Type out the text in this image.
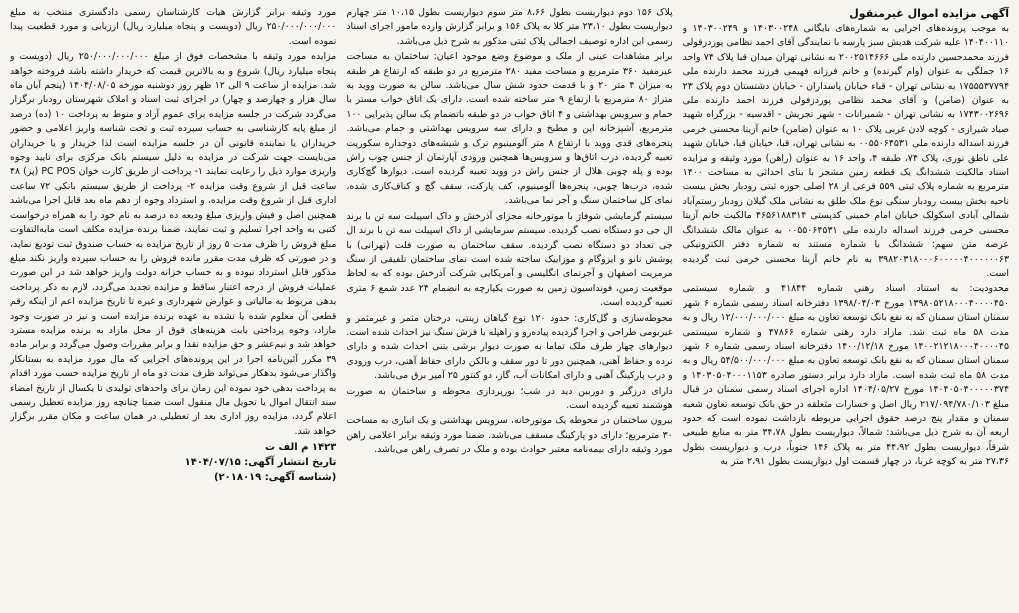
آگهی مزایده اموال غیرمنقول

به موجب پرونده‌های اجرایی به شماره‌های بایگانی ۱۴۰۳۰۰۲۴۸ و ۱۴۰۳۰۰۲۴۹ و ۱۴۰۴۰۰۱۱۰ علیه شرکت هدیش سبز پارسه با نمایندگی آقای احمد نظامی پوردزفولی فرزند محمدحسین دارنده ملی ۲۰۰۲۵۱۴۶۶۶ به نشانی تهران میدان قبا پلاک ۷۴ واحد ۱۶ جملگی به عنوان (وام گیرنده) و خانم فرزانه فهیمی فرزند محمد دارنده ملی ۱۷۵۵۵۳۷۷۹۴ به نشانی تهران - قباء خیابان پاسداران - خیابان دشتستان دوم پلاک ۲۳ به عنوان (ضامن) و آقای محمد نظامی پوردزفولی فرزند احمد دارنده ملی ۱۷۴۳۰۰۲۶۹۶ به نشانی تهران - شمیرانات - شهر تجریش - اقدسیه - بزرگراه شهید صیاد شیرازی - کوچه لادن غربی پلاک ۱۰ به عنوان (ضامن) خانم آزیتا محسنی خرمی فرزند اسداله دارنده ملی ۰۰۵۵۰۶۴۵۳۱ به نشانی تهران، قبا، خیابان قبا، خیابان شهید علی ناطق نوری، پلاک ۷۴، طبقه ۴، واحد ۱۶ به عنوان (راهن) مورد وثیقه و مزایده اسناد مالکیت ششدانگ یک قطعه زمین مشجر با بنای احداثی به مساحت ۱۴۰۰ مترمربع به شماره پلاک ثبتی ۵۵۹ فرعی از ۲۸ اصلی حوزه ثبتی رودبار بخش بیست ناحیه بخش بیست رودبار سنگی نوع ملک طلق به نشانی ملک گیلان رودبار رستم‌آباد شمالی آبادی اسکولک خیابان امام خمینی کدپستی ۴۶۵۶۱۸۸۳۱۴ مالکیت خانم آزیتا محسنی خرمی فرزند اسداله دارنده ملی ۰۰۵۵۰۶۴۵۳۱ به عنوان مالک ششدانگ عرصه متن سهم: ششدانگ با شماره مستند به شماره دفتر الکترونیکی ۳۹۸۲۰۳۱۸۰۰۰۶۰۰۰۰۰۴۰۰۰۰۰۰۶۳ به نام خانم آزیتا محسنی خرمی ثبت گردیده است.

محدودیت: به استناد اسناد رهنی شماره ۴۱۸۴۴ و شماره سیستمی ۱۳۹۸۰۵۲۱۸۰۰۰۴۰۰۰۰۴۵۰ مورخ ۱۳۹۸/۰۴/۰۳ دفترخانه اسناد رسمی شماره ۶ شهر سمنان استان سمنان که به نفع بانک توسعه تعاون به مبلغ ۱۲/۰۰۰/۰۰۰/۰۰۰ ریال و به مدت ۵۸ ماه ثبت شد. مازاد دارد رهنی شماره ۴۷۸۶۶ و شماره سیستمی ۱۴۰۰۲۱۲۱۸۰۰۰۴۰۰۰۰۴۵ مورخ ۱۴۰۰/۱۲/۱۸ دفترخانه اسناد رسمی شماره ۶ شهر سمنان استان سمنان که به نفع بانک توسعه تعاون به مبلغ ۵۴/۵۰۰/۰۰۰/۰۰۰ ریال و به مدت ۵۸ ماه ثبت شده است. مازاد دارد برابر دستور صادره ۱۴۰۳۰۵۰۴۰۰۰۱۱۵۳ و ۱۴۰۴۰۵۰۴۰۰۰۰۰۳۷۴ مورخ ۱۴۰۴/۰۵/۲۷ اداره اجرای اسناد رسمی سمنان در قبال مبلغ ۲۱۷/۰۹۴/۷۸۰/۱۰۳ ریال اصل و خسارات متعلقه در حق بانک توسعه تعاون شعبه سمنان و مقدار پنج درصد حقوق اجرایی مربوطه بازداشت نموده است که حدود اربعه آن به شرح ذیل می‌باشد: شمالاً، دیواریست بطول ۳۴،۷۸ متر به منابع طبیعی شرقاً، دیواریست بطول ۴۴،۹۲ متر به پلاک ۱۴۶ جنوباً، درب و دیواریست بطول ۲۷،۳۶ متر به کوچه غربا، در چهار قسمت اول دیواریست بطول ۲،۹۱ متر به

پلاک ۱۵۶ دوم دیواریست بطول ۸،۶۶ متر سوم دیواریست بطول ۱۰،۱۵ متر چهارم دیواریست بطول ۲۳،۱۰ متر کلا به پلاک ۱۵۶ و برابر گزارش وارده مامور اجرای اسناد رسمی این اداره توصیف اجمالی پلاک ثبتی مذکور به شرح ذیل می‌باشد.

برابر مشاهدات عینی از ملک و موضوع وضع موجود اعیان: ساختمان به مساحت عیرمفید ۳۶۰ مترمربع و مساحت مفید ۲۸۰ مترمربع در دو طبقه که ارتفاع هر طبقه به میزان ۴ متر ۲۰ و با قدمت حدود شش سال می‌باشد. سالن به صورت ووید به متراژ ۸۰ مترمربع با ارتفاع ۹ متر ساخته شده است. دارای یک اتاق خواب مستر با حمام و سرویس بهداشتی و ۴ اتاق خواب در دو طبقه باتضمام یک سالن پذیرایی ۱۰۰ مترمربع، آشپزخانه اپن و مطبخ و دارای سه سرویس بهداشتی و حمام می‌باشد. پنجره‌های قدی ووید با ارتفاع ۸ متر آلومینیوم ترک و شیشه‌های دوجداره سکوریت تعبیه گردیده، درب اتاق‌ها و سرویس‌ها همچنین ورودی آپارتمان از جنس چوب راش بوده و پله چوبی هلال از جنس راش در ووید تعبیه گردیده است. دیوارها گچ‌کاری شده، درب‌ها چوبی، پنجره‌ها آلومینیوم، کف پارکت، سقف گچ و کناف‌کاری شده، نمای کل ساختمان سنگ و آجر نما می‌باشد.

سیستم گرمایشی شوفاژ با موتورخانه مجزای آذرخش و داک اسپیلت سه تن با برند ال جی دو دستگاه نصب گردیده. سیستم سرمایشی از داک اسپیلت سه تن با برند ال جی تعداد دو دستگاه نصب گردیده. سقف ساختمان به صورت فلت (تهرانی) با پوشش نانو و ایزوگام و موزاییک ساخته شده است نمای ساختمان تلفیقی از سنگ مرمریت اصفهان و آجرنمای انگلیسی و آمریکایی شرکت آذرخش بوده که به لحاظ موقعیت زمین، فونداسیون زمین به صورت یکپارچه به انضمام ۲۴ عدد شمع ۶ متری تعبیه گردیده است.

محوطه‌سازی و گل‌کاری: حدود ۱۲۰ نوع گیاهان زینتی، درختان مثمر و غیرمثمر و غیربومی طراحی و اجرا گردیده پیاده‌رو و راهپله با فرش سنگ نیز احداث شده است. دیوارهای چهار طرف ملک تماما به صورت دیوار برشی بتنی احداث شده و دارای نرده و حفاظ آهنی، همچنین دور تا دور سقف و بالکن دارای حفاظ آهنی، درب ورودی و درب پارکینگ آهنی و دارای امکانات آب، گاز، دو کنتور ۲۵ آمپر برق می‌باشد.

دارای درزگیر و دوربین دید در شب؛ نورپردازی محوطه و ساختمان به صورت هوشمند تعبیه گردیده است.

بیرون ساختمان در محوطه یک موتورخانه، سرویس بهداشتی و یک انباری به مساحت ۳۰ مترمربع؛ دارای دو پارکینگ مسقف می‌باشد. ضمنا مورد وثیقه برابر اعلامی راهن مورد وثیقه دارای بیمه‌نامه معتبر حوادث بوده و ملک در تصرف راهن می‌باشد.

مورد وثیقه برابر گزارش هیات کارشناسان رسمی دادگستری منتخب به مبلغ ۲۵۰/۰۰۰/۰۰۰/۰۰۰ ریال (دویست و پنجاه میلیارد ریال) ارزیابی و مورد قطعیت پیدا نموده است.

مزایده مورد وثیقه با مشخصات فوق از مبلغ ۲۵۰/۰۰۰/۰۰۰/۰۰۰ ریال (دویست و پنجاه میلیارد ریال) شروع و به بالاترین قیمت که خریدار داشته باشد فروخته خواهد شد. مزایده از ساعت ۹ الی ۱۲ ظهر روز دوشنبه مورخه ۱۴۰۴/۰۸/۰۵ (پنجم آبان ماه سال هزار و چهارصد و چهار) در اجرای ثبت اسناد و املاک شهرستان رودبار برگزار می‌گردد شرکت در جلسه مزایده برای عموم آزاد و منوط به پرداخت ۱۰ (ده) درصد از مبلغ پایه کارشناسی به حساب سپرده ثبت و تحت شناسه واریز اعلامی و حضور خریداران یا نماینده قانونی آن در جلسه مزایده است لذا خریدار و یا خریداران می‌بایست جهت شرکت در مزایده به دلیل سیستم بانک مرکزی برای تایید وجوه واریزی موارد ذیل را رعایت نمایند ۱- پرداخت از طریق کارت خوان PC POS (پز) ۴۸ ساعت قبل از شروع وقت مزایده ۲- پرداخت از طریق سیستم بانکی ۷۲ ساعت اداری قبل از شروع وقت مزایده، و استرداد وجوه از دهم ماه بعد قابل اجرا می‌باشد همچنین اصل و فیش واریزی مبلغ ودیعه ده درصد به نام خود را به همراه درخواست کتبی به واحد اجرا تسلیم و ثبت نمایند، ضمنا برنده مزایده مکلف است مابه‌التفاوت مبلغ فروش را ظرف مدت ۵ روز از تاریخ مزایده به حساب صندوق ثبت تودیع نماید، و در صورتی که ظرف مدت مقرر مانده فروش را به حساب سپرده واریز نکند مبلغ مذکور قابل استرداد نبوده و به حساب خزانه دولت واریز خواهد شد در این صورت عملیات فروش از درجه اعتبار ساقط و مزایده تجدید می‌گردد، لازم به ذکر پرداخت بدهی مربوط به مالیاتی و عوارض شهرداری و غیره تا تاریخ مزایده اعم از اینکه رقم قطعی آن معلوم شده یا نشده به عهده برنده مزایده است و نیز در صورت وجود مازاد، وجوه پرداختی بابت هزینه‌های فوق از محل مازاد به برنده مزایده مسترد خواهد شد و نیم‌عشر و حق مزایده نقدا و برابر مقررات وصول می‌گردد و برابر ماده ۳۹ مکرر آئین‌نامه اجرا در این پرونده‌های اجرایی که مال مورد مزایده به بستانکار واگذار می‌شود بدهکار می‌تواند ظرف مدت دو ماه از تاریخ مزایده حسب مورد اقدام به پرداخت بدهی خود نموده این زمان برای واحدهای تولیدی تا یکسال از تاریخ امضاء سند انتقال اموال یا تحویل مال منقول است ضمنا چنانچه روز مزایده تعطیل رسمی اعلام گردد، مزایده روز اداری بعد از تعطیلی در همان ساعت و مکان مقرر برگزار خواهد شد.

۱۴۲۳ م الف ت

تاریخ انتشار آگهی: ۱۴۰۴/۰۷/۱۵

(شناسه آگهی: ۲۰۱۸۰۱۹)
